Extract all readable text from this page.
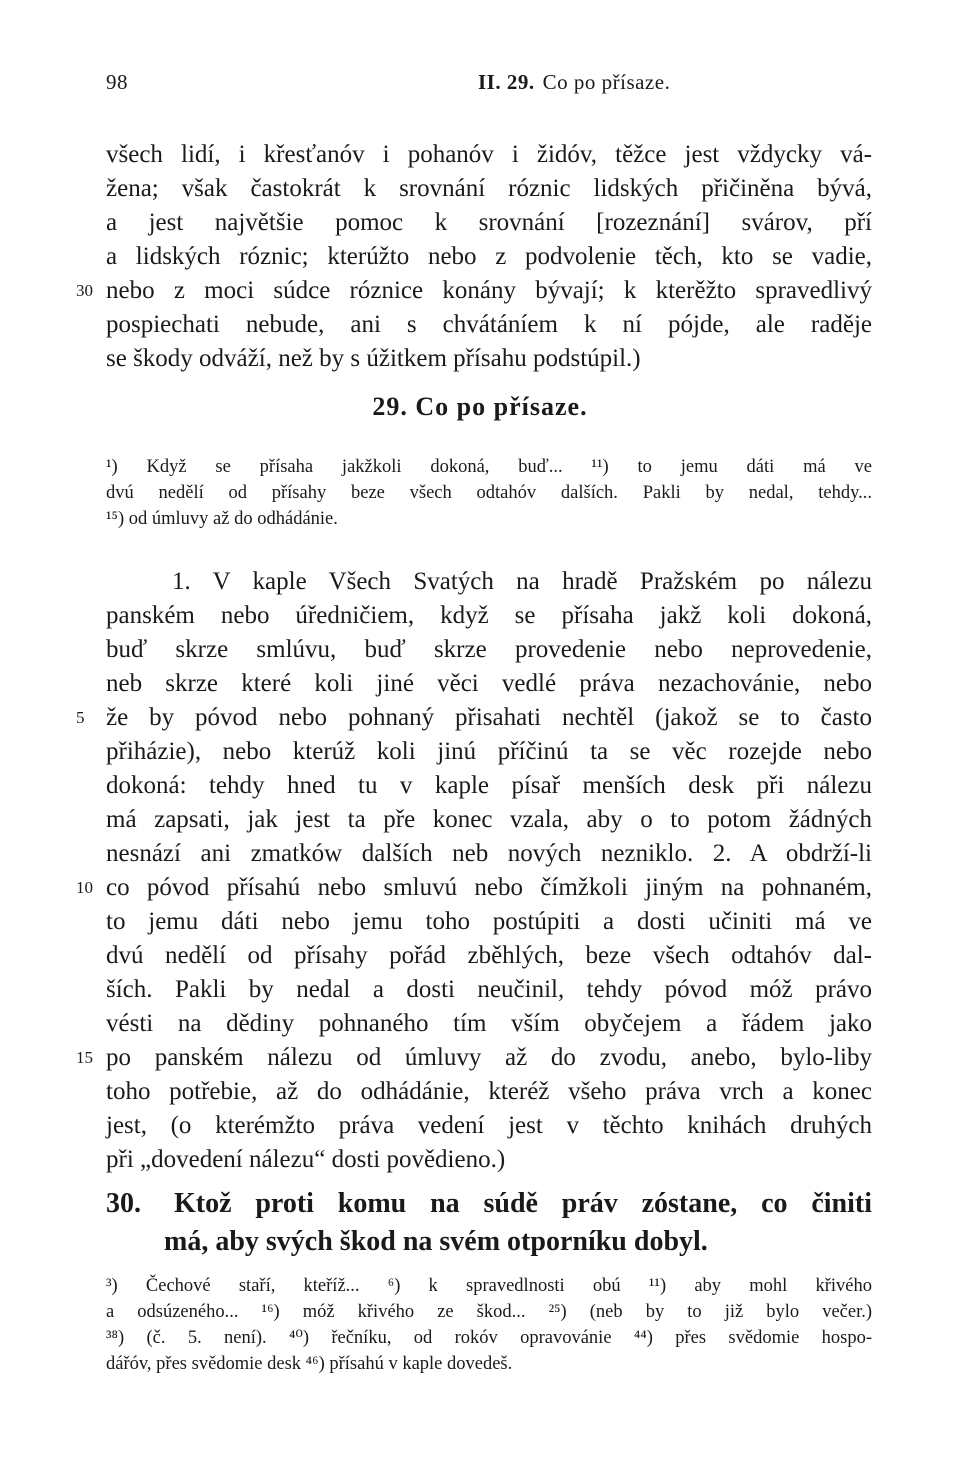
98	II. 29. Co po přísaze.
všech lidí, i křesťanóv i pohanóv i židóv, těžce jest vždycky vá-
žena; však častokrát k srovnání róznic lidských přičiněna bývá,
a jest najvětšie pomoc k srovnání [rozeznání] svárov, pří
a lidských róznic; kterúžto nebo z podvolenie těch, kto se vadie,
30 nebo z moci súdce róznice konány bývají; k kterěžto spravedlivý
pospiechati nebude, ani s chvátáníem k ní pójde, ale raděje
se škody odváží, než by s úžitkem přísahu podstúpil.)
29. Co po přísaze.
¹) Když se přísaha jakžkoli dokoná, buď... ¹¹) to jemu dáti má ve
dvú nedělí od přísahy beze všech odtahóv dalších. Pakli by nedal, tehdy...
¹⁵) od úmluvy až do odhádánie.
1. V kaple Všech Svatých na hradě Pražském po nálezu
panském nebo úředničiem, když se přísaha jakž koli dokoná,
buď skrze smlúvu, buď skrze provedenie nebo neprovedenie,
neb skrze které koli jiné věci vedlé práva nezachovánie, nebo
5 že by póvod nebo pohnaný přisahati nechtěl (jakož se to často
přiházie), nebo kterúž koli jinú příčinú ta se věc rozejde nebo
dokoná: tehdy hned tu v kaple písař menších desk při nálezu
má zapsati, jak jest ta pře konec vzala, aby o to potom žádných
nesnází ani zmatków dalších neb nových nezniklo. 2. A obdrží-li
10 co póvod přísahú nebo smluvú nebo čímžkoli jiným na pohnaném,
to jemu dáti nebo jemu toho postúpiti a dosti učiniti má ve
dvú nedělí od přísahy pořád zběhlých, beze všech odtahóv dal-
ších. Pakli by nedal a dosti neučinil, tehdy póvod móž právo
vésti na dědiny pohnaného tím vším obyčejem a řádem jako
15 po panském nálezu od úmluvy až do zvodu, anebo, bylo-liby
toho potřebie, až do odhádánie, kteréž všeho práva vrch a konec
jest, (o kterémžto práva vedení jest v těchto knihách druhých
při „dovedení nálezu“ dosti povědieno.)
30. Ktož proti komu na súdě práv zóstane, co činiti
má, aby svých škod na svém otporníku dobyl.
³) Čechové staří, kteříž... ⁶) k spravedlnosti obú ¹¹) aby mohl křivého
a odsúzeného... ¹⁶) móž křivého ze škod... ²⁵) (neb by to již bylo večer.)
³⁸) (č. 5. není). ⁴⁰) řečníku, od rokóv opravovánie ⁴⁴) přes svědomie hospo-
dářóv, přes svědomie desk ⁴⁶) přísahú v kaple dovedeš.
